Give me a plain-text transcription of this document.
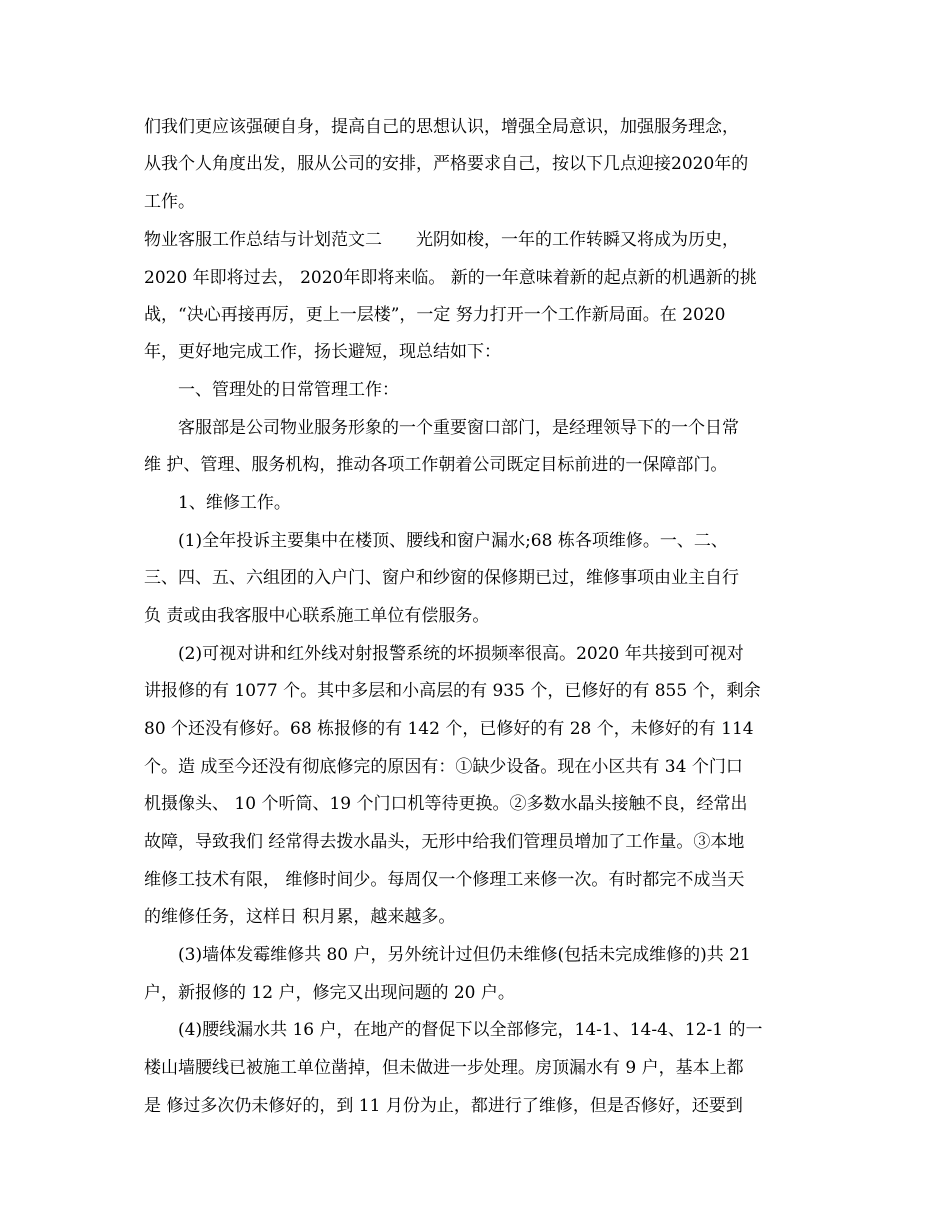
们我们更应该强硬自身，提高自己的思想认识，增强全局意识，加强服务理念，
从我个人角度出发，服从公司的安排，严格要求自己，按以下几点迎接2020年的
工作。
物业客服工作总结与计划范文二　　光阴如梭，一年的工作转瞬又将成为历史，
2020 年即将过去， 2020年即将来临。 新的一年意味着新的起点新的机遇新的挑
战，“决心再接再厉，更上一层楼”，一定 努力打开一个工作新局面。在 2020
年，更好地完成工作，扬长避短，现总结如下：
　　一、管理处的日常管理工作：
　　客服部是公司物业服务形象的一个重要窗口部门，是经理领导下的一个日常
维 护、管理、服务机构，推动各项工作朝着公司既定目标前进的一保障部门。
　　1、维修工作。
　　(1)全年投诉主要集中在楼顶、腰线和窗户漏水;68 栋各项维修。一、二、
三、四、五、六组团的入户门、窗户和纱窗的保修期已过，维修事项由业主自行
负 责或由我客服中心联系施工单位有偿服务。
　　(2)可视对讲和红外线对射报警系统的坏损频率很高。2020 年共接到可视对
讲报修的有 1077 个。其中多层和小高层的有 935 个，已修好的有 855 个，剩余
80 个还没有修好。68 栋报修的有 142 个，已修好的有 28 个，未修好的有 114
个。造 成至今还没有彻底修完的原因有：①缺少设备。现在小区共有 34 个门口
机摄像头、 10 个听筒、19 个门口机等待更换。②多数水晶头接触不良，经常出
故障，导致我们 经常得去拨水晶头，无形中给我们管理员增加了工作量。③本地
维修工技术有限， 维修时间少。每周仅一个修理工来修一次。有时都完不成当天
的维修任务，这样日 积月累，越来越多。
　　(3)墙体发霉维修共 80 户，另外统计过但仍未维修(包括未完成维修的)共 21
户，新报修的 12 户，修完又出现问题的 20 户。
　　(4)腰线漏水共 16 户，在地产的督促下以全部修完，14-1、14-4、12-1 的一
楼山墙腰线已被施工单位凿掉，但未做进一步处理。房顶漏水有 9 户，基本上都
是 修过多次仍未修好的，到 11 月份为止，都进行了维修，但是否修好，还要到
